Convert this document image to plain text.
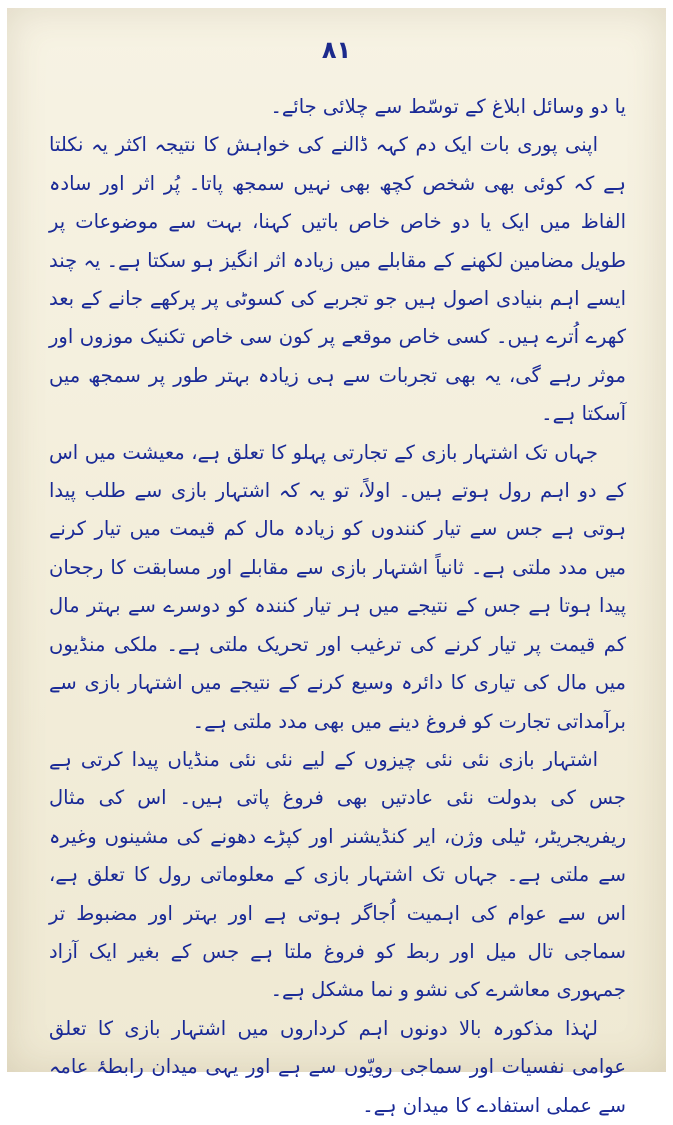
۸۱

یا دو وسائل ابلاغ کے توسّط سے چلائی جائے۔

اپنی پوری بات ایک دم کہہ ڈالنے کی خواہش کا نتیجہ اکثر یہ نکلتا ہے کہ کوئی بھی شخص کچھ بھی نہیں سمجھ پاتا۔ پُر اثر اور سادہ الفاظ میں ایک یا دو خاص خاص باتیں کہنا، بہت سے موضوعات پر طویل مضامین لکھنے کے مقابلے میں زیادہ اثر انگیز ہو سکتا ہے۔ یہ چند ایسے اہم بنیادی اصول ہیں جو تجربے کی کسوٹی پر پرکھے جانے کے بعد کھرے اُترے ہیں۔ کسی خاص موقعے پر کون سی خاص تکنیک موزوں اور موثر رہے گی، یہ بھی تجربات سے ہی زیادہ بہتر طور پر سمجھ میں آسکتا ہے۔

جہاں تک اشتہار بازی کے تجارتی پہلو کا تعلق ہے، معیشت میں اس کے دو اہم رول ہوتے ہیں۔ اولاً، تو یہ کہ اشتہار بازی سے طلب پیدا ہوتی ہے جس سے تیار کنندوں کو زیادہ مال کم قیمت میں تیار کرنے میں مدد ملتی ہے۔ ثانیاً اشتہار بازی سے مقابلے اور مسابقت کا رجحان پیدا ہوتا ہے جس کے نتیجے میں ہر تیار کنندہ کو دوسرے سے بہتر مال کم قیمت پر تیار کرنے کی ترغیب اور تحریک ملتی ہے۔ ملکی منڈیوں میں مال کی تیاری کا دائرہ وسیع کرنے کے نتیجے میں اشتہار بازی سے برآمداتی تجارت کو فروغ دینے میں بھی مدد ملتی ہے۔

اشتہار بازی نئی نئی چیزوں کے لیے نئی نئی منڈیاں پیدا کرتی ہے جس کی بدولت نئی عادتیں بھی فروغ پاتی ہیں۔ اس کی مثال ریفریجریٹر، ٹیلی وژن، ایر کنڈیشنر اور کپڑے دھونے کی مشینوں وغیرہ سے ملتی ہے۔ جہاں تک اشتہار بازی کے معلوماتی رول کا تعلق ہے، اس سے عوام کی اہمیت اُجاگر ہوتی ہے اور بہتر اور مضبوط تر سماجی تال میل اور ربط کو فروغ ملتا ہے جس کے بغیر ایک آزاد جمہوری معاشرے کی نشو و نما مشکل ہے۔

لہٰذا مذکورہ بالا دونوں اہم کرداروں میں اشتہار بازی کا تعلق عوامی نفسیات اور سماجی رویّوں سے ہے اور یہی میدان رابطۂ عامہ سے عملی استفادے کا میدان ہے۔
